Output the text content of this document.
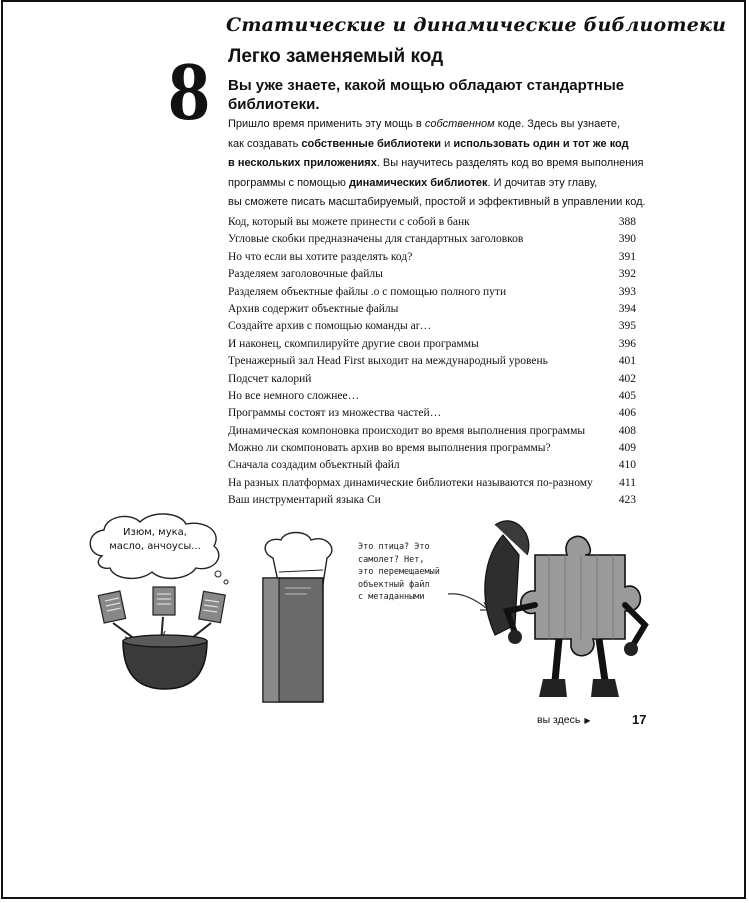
Статические и динамические библиотеки
8 Легко заменяемый код
Вы уже знаете, какой мощью обладают стандартные библиотеки.
Пришло время применить эту мощь в собственном коде. Здесь вы узнаете,
как создавать собственные библиотеки и использовать один и тот же код
в нескольких приложениях. Вы научитесь разделять код во время выполнения
программы с помощью динамических библиотек. И дочитав эту главу,
вы сможете писать масштабируемый, простой и эффективный в управлении код.
Код, который вы можете принести с собой в банк	388
Угловые скобки предназначены для стандартных заголовков	390
Но что если вы хотите разделять код?	391
Разделяем заголовочные файлы	392
Разделяем объектные файлы .o с помощью полного пути	393
Архив содержит объектные файлы	394
Создайте архив с помощью команды ar…	395
И наконец, скомпилируйте другие свои программы	396
Тренажерный зал Head First выходит на международный уровень	401
Подсчет калорий	402
Но все немного сложнее…	405
Программы состоят из множества частей…	406
Динамическая компоновка происходит во время выполнения программы	408
Можно ли скомпоновать архив во время выполнения программы?	409
Сначала создадим объектный файл	410
На разных платформах динамические библиотеки называются по-разному	411
Ваш инструментарий языка Си	423
Изюм, мука,
масло, анчоусы...	Это птица? Это
самолет? Нет,
это перемещаемый
объектный файл
с метаданными
вы здесь ▶	17
